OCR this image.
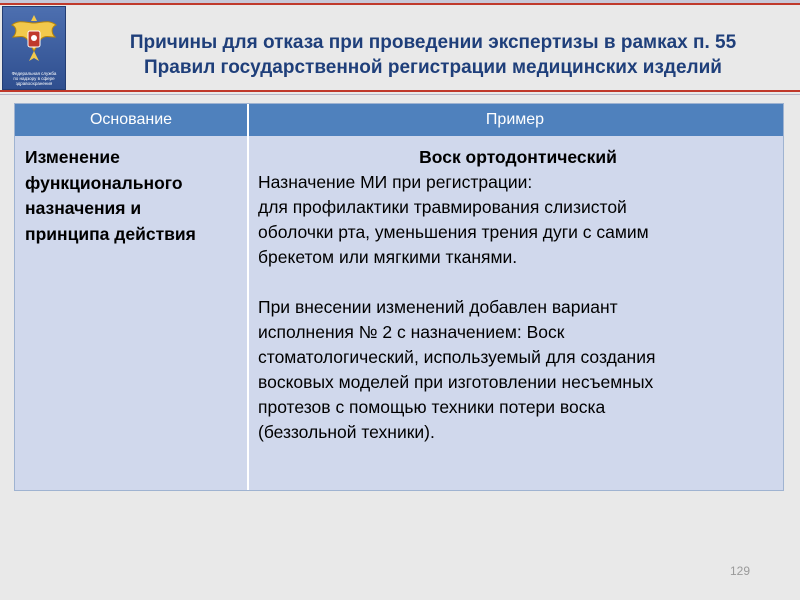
Федеральная служба
по надзору в сфере
здравоохранения
Причины для отказа при проведении экспертизы в рамках п. 55
Правил государственной регистрации медицинских изделий
Основание	Пример
Изменение
функционального
назначения и
принципа действия
Воск ортодонтический
Назначение МИ при регистрации:
для профилактики травмирования слизистой
оболочки рта, уменьшения трения дуги с самим
брекетом или мягкими тканями.
При внесении изменений добавлен вариант
исполнения № 2 с назначением: Воск
стоматологический, используемый для создания
восковых моделей при изготовлении несъемных
протезов с помощью техники потери воска
(беззольной техники).
129
